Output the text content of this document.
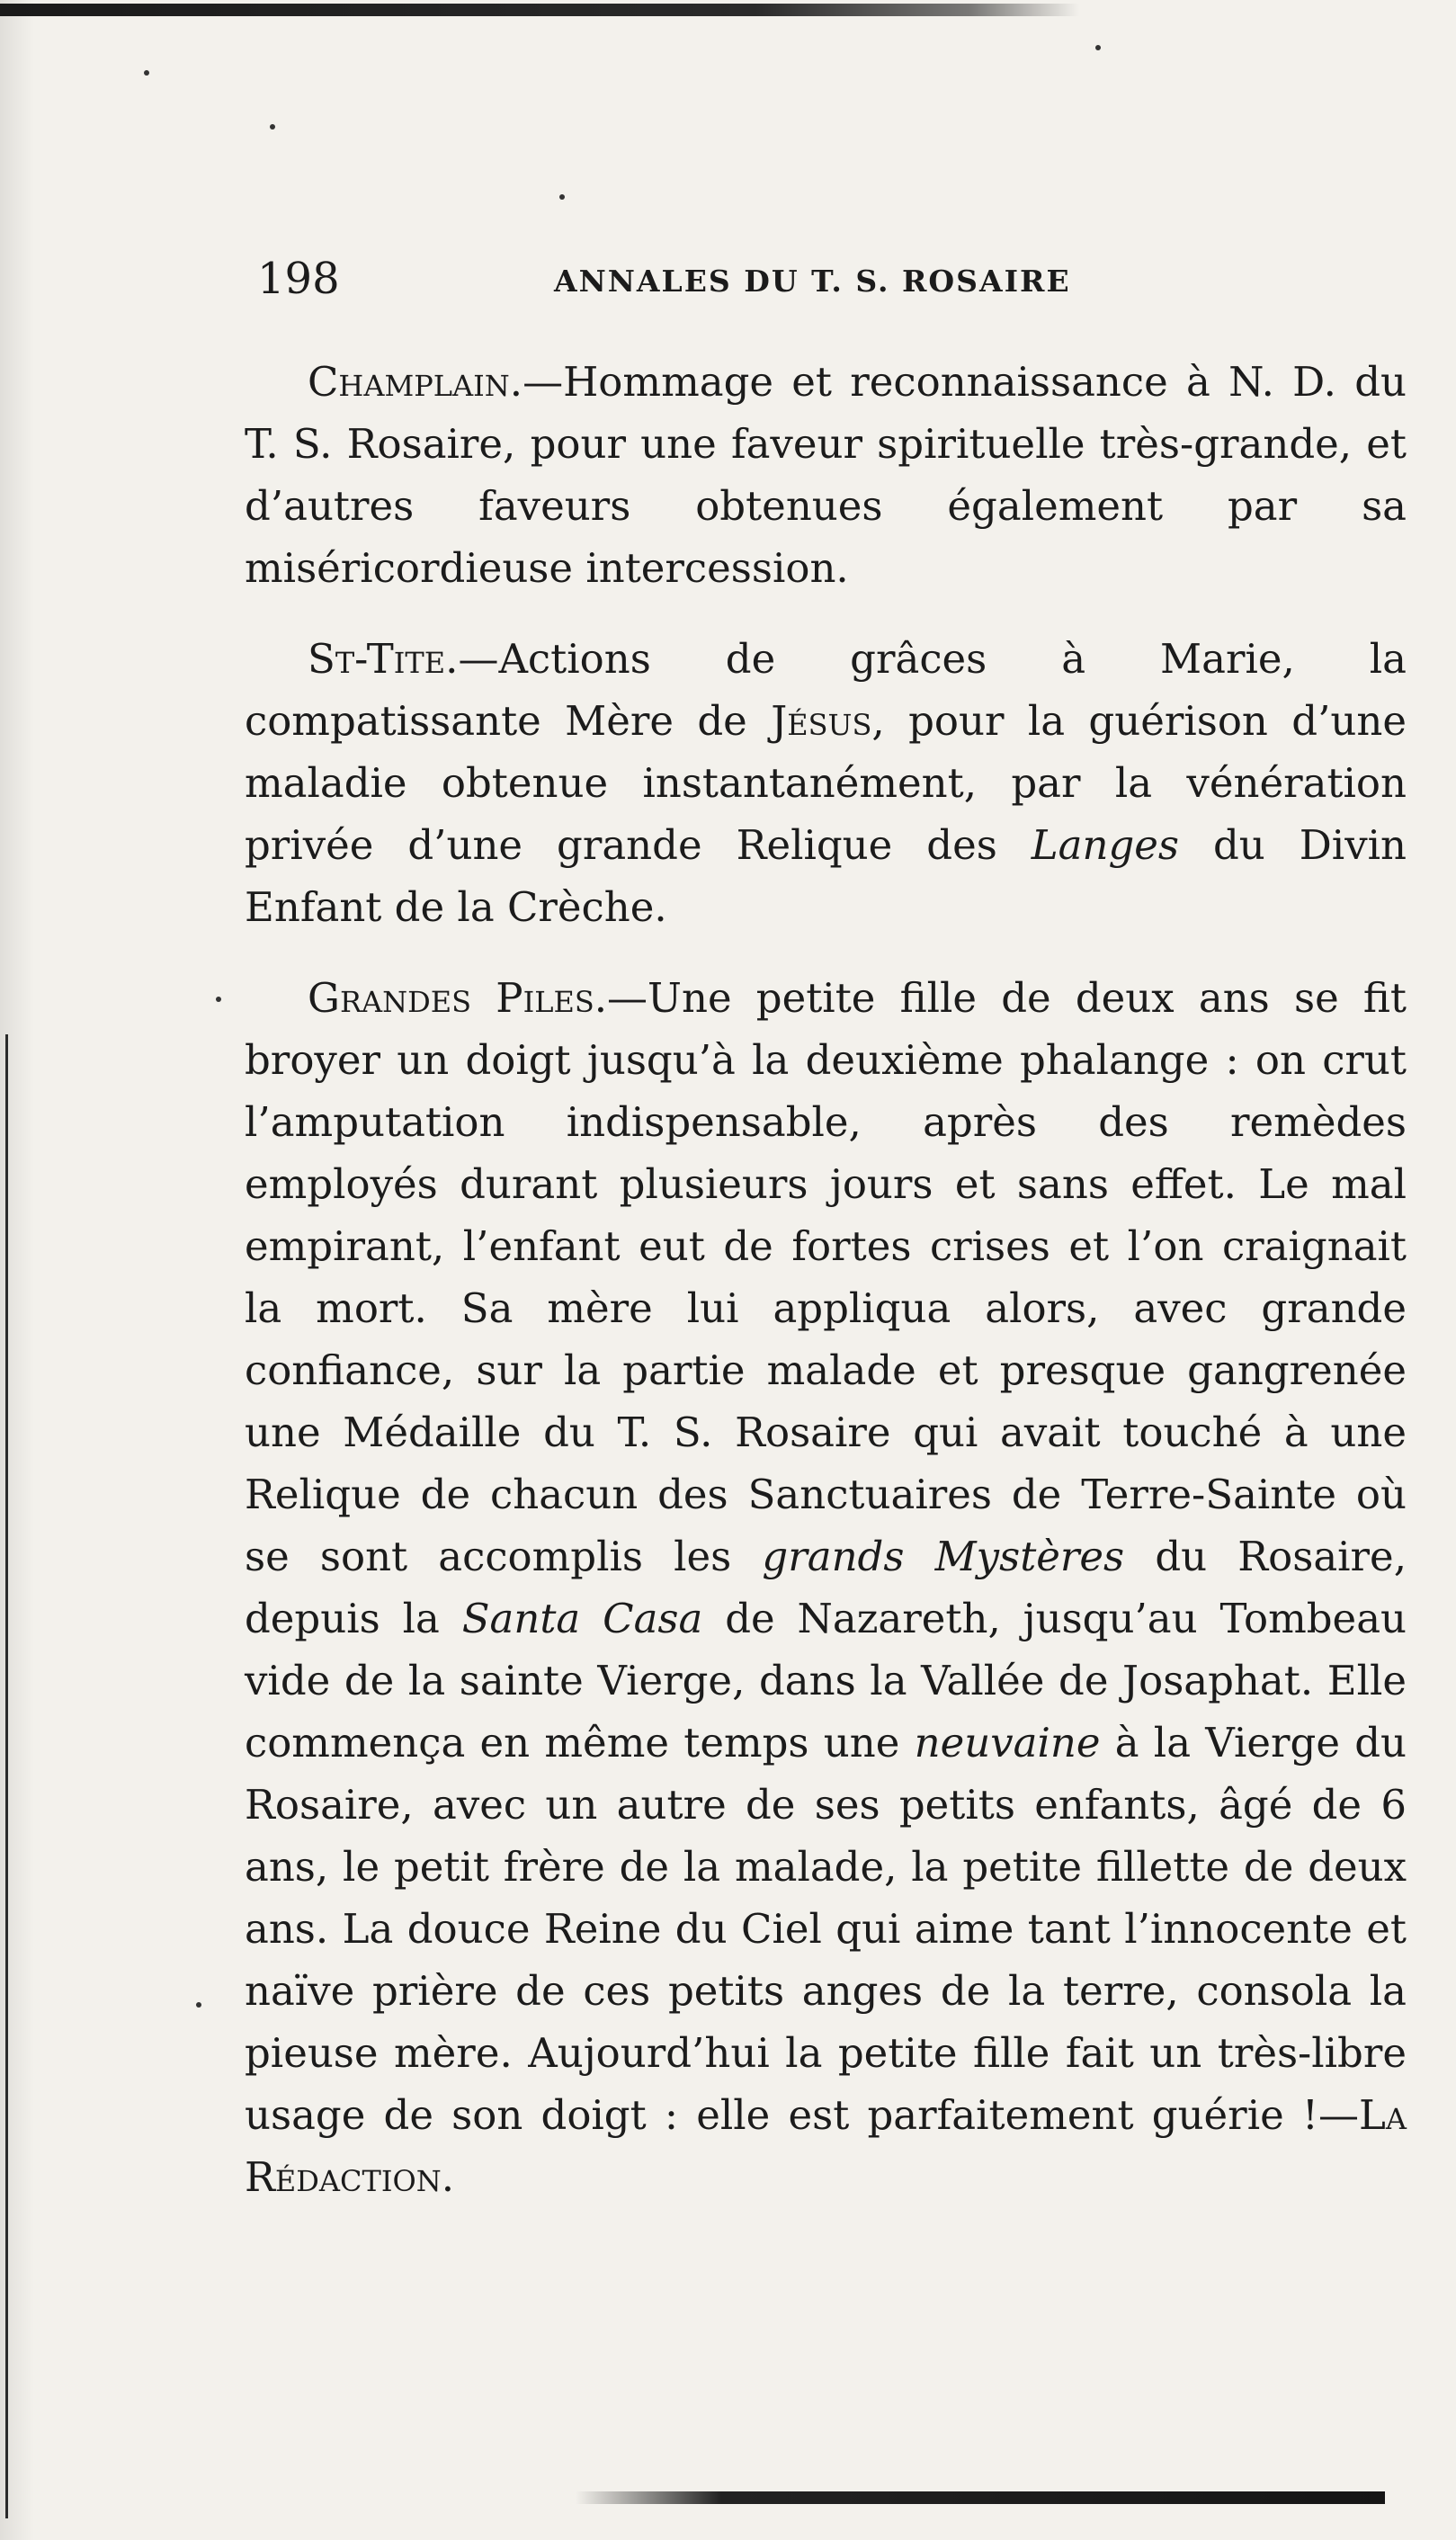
198	ANNALES DU T. S. ROSAIRE

Champlain.—Hommage et reconnaissance à N. D. du T. S. Rosaire, pour une faveur spirituelle très-grande, et d’autres faveurs obtenues également par sa miséricordieuse intercession.

St-Tite.—Actions de grâces à Marie, la compatissante Mère de Jésus, pour la guérison d’une maladie obtenue instantanément, par la vénération privée d’une grande Relique des Langes du Divin Enfant de la Crèche.

Grandes Piles.—Une petite fille de deux ans se fit broyer un doigt jusqu’à la deuxième phalange : on crut l’amputation indispensable, après des remèdes employés durant plusieurs jours et sans effet. Le mal empirant, l’enfant eut de fortes crises et l’on craignait la mort. Sa mère lui appliqua alors, avec grande confiance, sur la partie malade et presque gangrenée une Médaille du T. S. Rosaire qui avait touché à une Relique de chacun des Sanctuaires de Terre-Sainte où se sont accomplis les grands Mystères du Rosaire, depuis la Santa Casa de Nazareth, jusqu’au Tombeau vide de la sainte Vierge, dans la Vallée de Josaphat. Elle commença en même temps une neuvaine à la Vierge du Rosaire, avec un autre de ses petits enfants, âgé de 6 ans, le petit frère de la malade, la petite fillette de deux ans. La douce Reine du Ciel qui aime tant l’innocente et naïve prière de ces petits anges de la terre, consola la pieuse mère. Aujourd’hui la petite fille fait un très-libre usage de son doigt : elle est parfaitement guérie !—La Rédaction.
